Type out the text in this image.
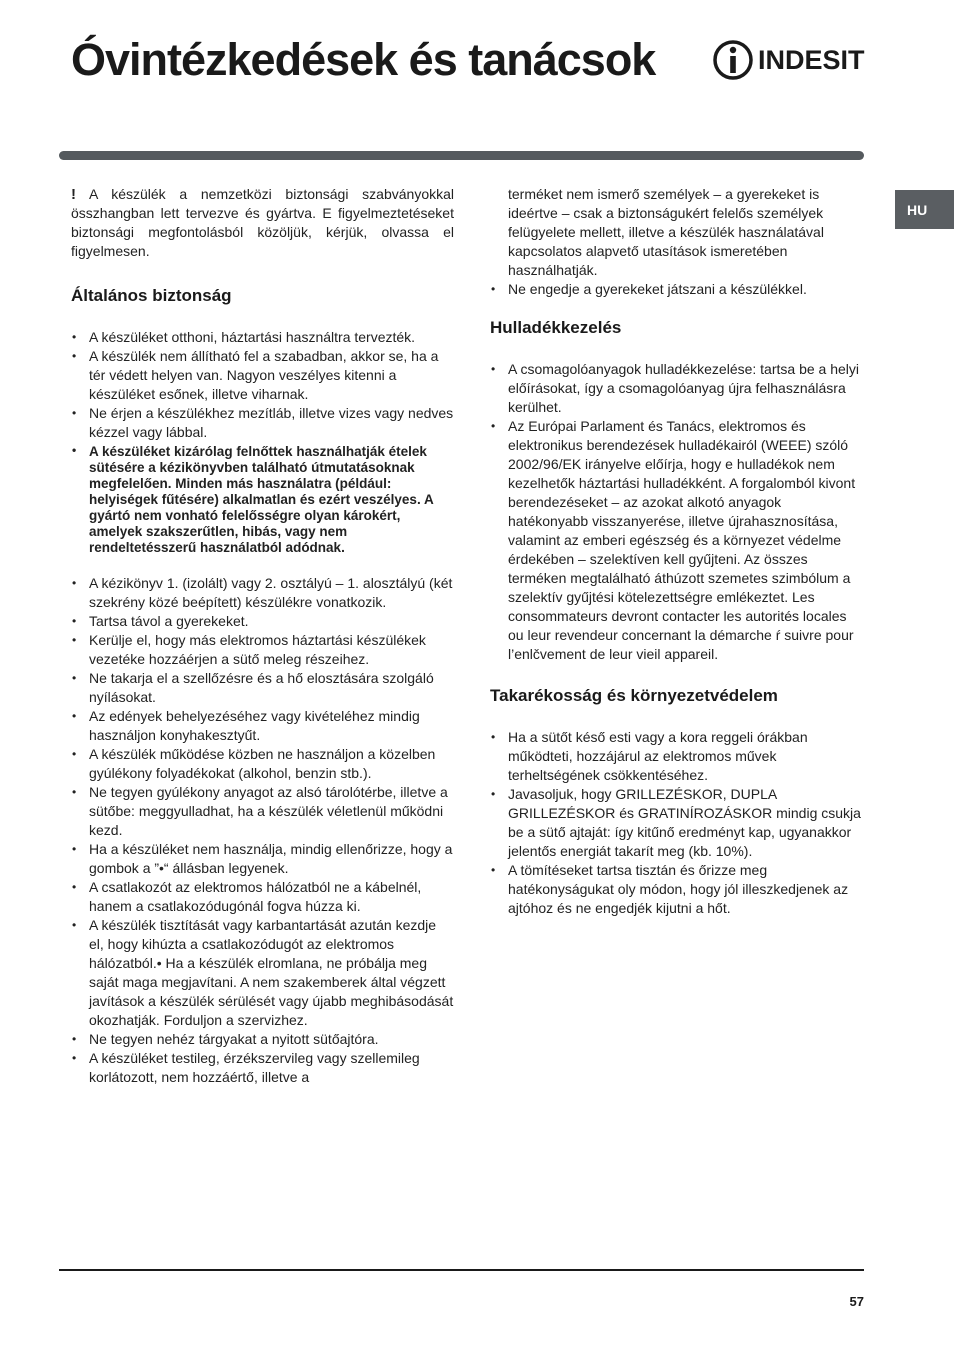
Óvintézkedések és tanácsok	INDESIT
HU

! A készülék a nemzetközi biztonsági szabványokkal összhangban lett tervezve és gyártva. E figyelmeztetéseket biztonsági megfontolásból közöljük, kérjük, olvassa el figyelmesen.

Általános biztonság
• A készüléket otthoni, háztartási használtra tervezték.
• A készülék nem állítható fel a szabadban, akkor se, ha a tér védett helyen van. Nagyon veszélyes kitenni a készüléket esőnek, illetve viharnak.
• Ne érjen a készülékhez mezítláb, illetve vizes vagy nedves kézzel vagy lábbal.
• A készüléket kizárólag felnőttek használhatják ételek sütésére a kézikönyvben található útmutatásoknak megfelelően. Minden más használatra (például: helyiségek fűtésére) alkalmatlan és ezért veszélyes. A gyártó nem vonható felelősségre olyan károkért, amelyek szakszerűtlen, hibás, vagy nem rendeltetésszerű használatból adódnak.
• A kézikönyv 1. (izolált) vagy 2. osztályú – 1. alosztályú (két szekrény közé beépített) készülékre vonatkozik.
• Tartsa távol a gyerekeket.
• Kerülje el, hogy más elektromos háztartási készülékek vezetéke hozzáérjen a sütő meleg részeihez.
• Ne takarja el a szellőzésre és a hő elosztására szolgáló nyílásokat.
• Az edények behelyezéséhez vagy kivételéhez mindig használjon konyhakesztyűt.
• A készülék működése közben ne használjon a közelben gyúlékony folyadékokat (alkohol, benzin stb.).
• Ne tegyen gyúlékony anyagot az alsó tárolótérbe, illetve a sütőbe: meggyulladhat, ha a készülék véletlenül működni kezd.
• Ha a készüléket nem használja, mindig ellenőrizze, hogy a gombok a ”•“ állásban legyenek.
• A csatlakozót az elektromos hálózatból ne a kábelnél, hanem a csatlakozódugónál fogva húzza ki.
• A készülék tisztítását vagy karbantartását azután kezdje el, hogy kihúzta a csatlakozódugót az elektromos hálózatból.• Ha a készülék elromlana, ne próbálja meg saját maga megjavítani. A nem szakemberek által végzett javítások a készülék sérülését vagy újabb meghibásodását okozhatják. Forduljon a szervizhez.
• Ne tegyen nehéz tárgyakat a nyitott sütőajtóra.
• A készüléket testileg, érzékszervileg vagy szellemileg korlátozott, nem hozzáértő, illetve a

terméket nem ismerő személyek – a gyerekeket is ideértve – csak a biztonságukért felelős személyek felügyelete mellett, illetve a készülék használatával kapcsolatos alapvető utasítások ismeretében használhatják.

• Ne engedje a gyerekeket játszani a készülékkel.
Hulladékkezelés
• A csomagolóanyagok hulladékkezelése: tartsa be a helyi előírásokat, így a csomagolóanyag újra felhasználásra kerülhet.
• Az Európai Parlament és Tanács, elektromos és elektronikus berendezések hulladékairól (WEEE) szóló 2002/96/EK irányelve előírja, hogy e hulladékok nem kezelhetők háztartási hulladékként. A forgalomból kivont berendezéseket – az azokat alkotó anyagok hatékonyabb visszanyerése, illetve újrahasznosítása, valamint az emberi egészség és a környezet védelme érdekében – szelektíven kell gyűjteni. Az összes terméken megtalálható áthúzott szemetes szimbólum a szelektív gyűjtési kötelezettségre emlékeztet. Les consommateurs devront contacter les autorités locales ou leur revendeur concernant la démarche ŕ suivre pour l’enlčvement de leur vieil appareil.
Takarékosság és környezetvédelem
• Ha a sütőt késő esti vagy a kora reggeli órákban működteti, hozzájárul az elektromos művek terheltségének csökkentéséhez.
• Javasoljuk, hogy GRILLEZÉSKOR, DUPLA GRILLEZÉSKOR és GRATINÍROZÁSKOR mindig csukja be a sütő ajtaját: így kitűnő eredményt kap, ugyanakkor jelentős energiát takarít meg (kb. 10%).
• A tömítéseket tartsa tisztán és őrizze meg hatékonyságukat oly módon, hogy jól illeszkedjenek az ajtóhoz és ne engedjék kijutni a hőt.
57
